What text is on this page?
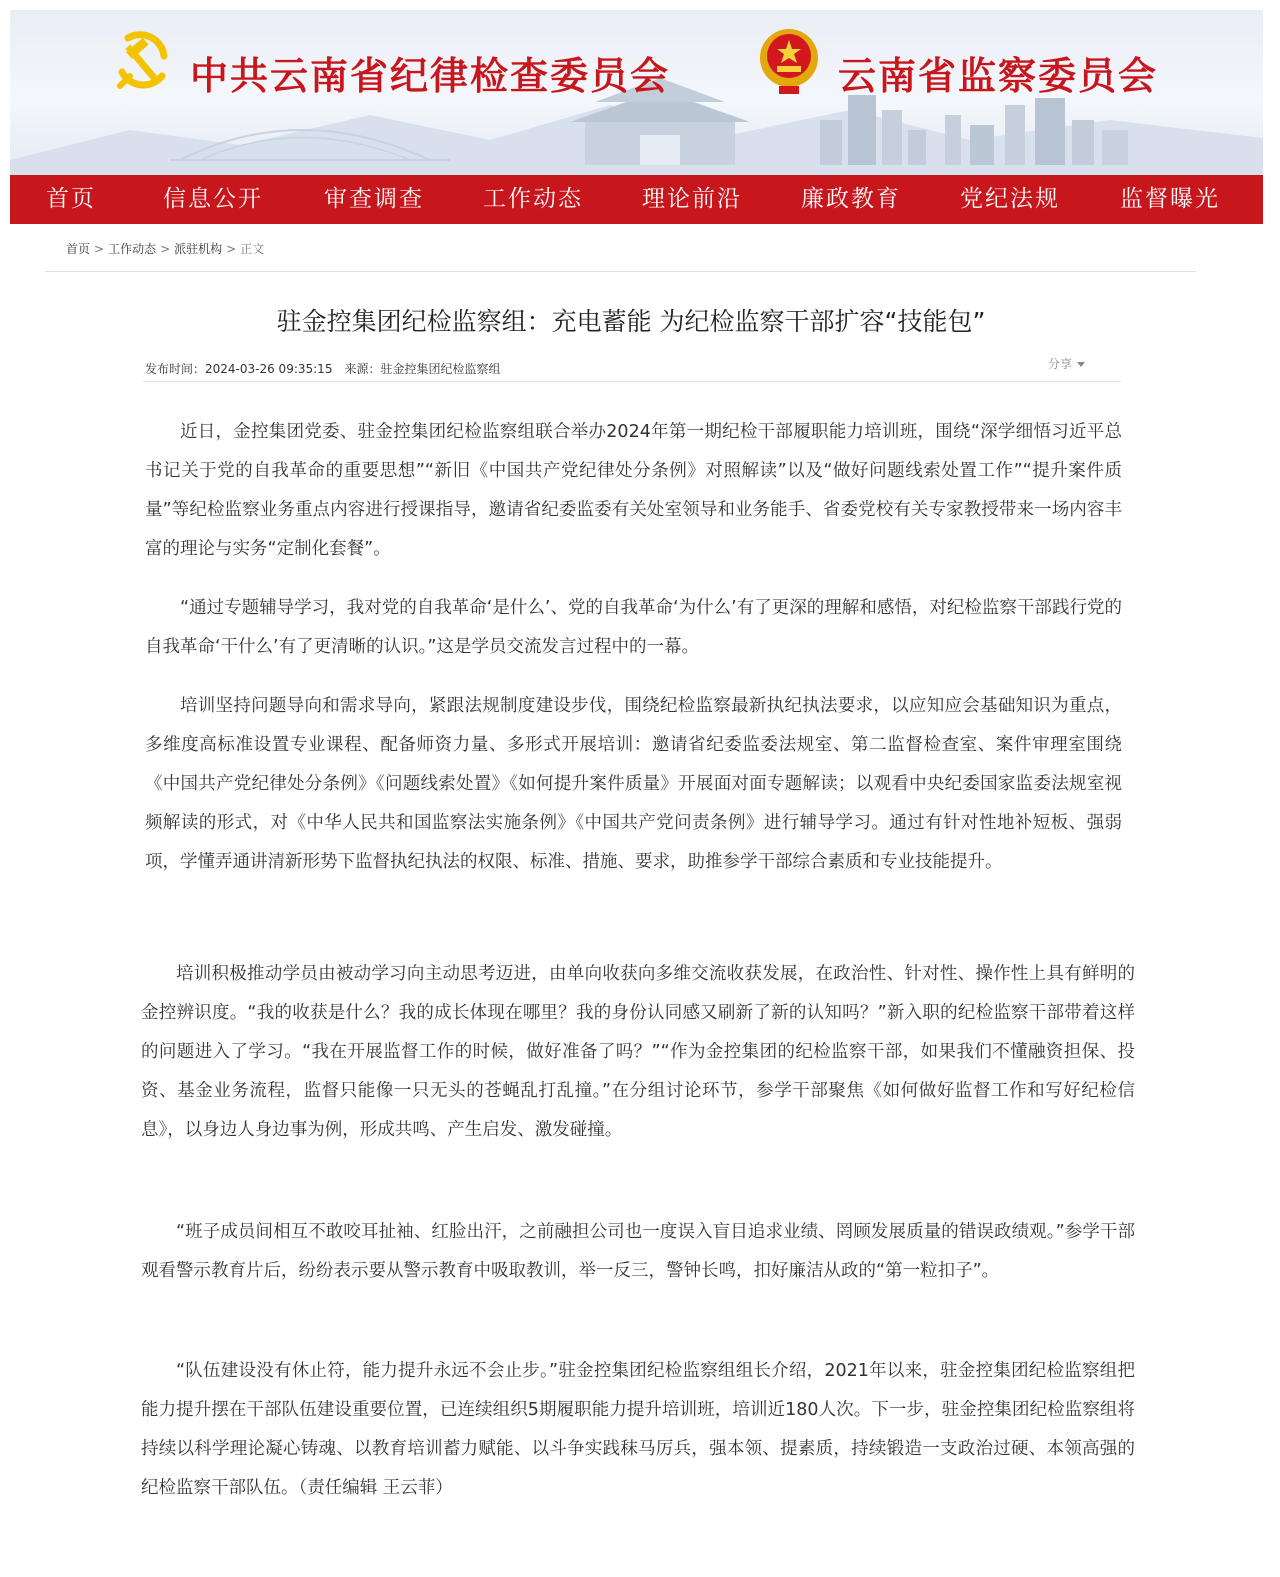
中共云南省纪律检查委员会	云南省监察委员会
首页	信息公开	审查调查	工作动态	理论前沿	廉政教育	党纪法规	监督曝光
首页 > 工作动态 > 派驻机构 > 正文
驻金控集团纪检监察组：充电蓄能 为纪检监察干部扩容“技能包”
发布时间：2024-03-26 09:35:15　来源：驻金控集团纪检监察组	分享

近日，金控集团党委、驻金控集团纪检监察组联合举办2024年第一期纪检干部履职能力培训班，围绕“深学细悟习近平总书记关于党的自我革命的重要思想”“新旧《中国共产党纪律处分条例》对照解读”以及“做好问题线索处置工作”“提升案件质量”等纪检监察业务重点内容进行授课指导，邀请省纪委监委有关处室领导和业务能手、省委党校有关专家教授带来一场内容丰富的理论与实务“定制化套餐”。

“通过专题辅导学习，我对党的自我革命‘是什么’、党的自我革命‘为什么’有了更深的理解和感悟，对纪检监察干部践行党的自我革命‘干什么’有了更清晰的认识。”这是学员交流发言过程中的一幕。

培训坚持问题导向和需求导向，紧跟法规制度建设步伐，围绕纪检监察最新执纪执法要求，以应知应会基础知识为重点，多维度高标准设置专业课程、配备师资力量、多形式开展培训：邀请省纪委监委法规室、第二监督检查室、案件审理室围绕《中国共产党纪律处分条例》《问题线索处置》《如何提升案件质量》开展面对面专题解读；以观看中央纪委国家监委法规室视频解读的形式，对《中华人民共和国监察法实施条例》《中国共产党问责条例》进行辅导学习。通过有针对性地补短板、强弱项，学懂弄通讲清新形势下监督执纪执法的权限、标准、措施、要求，助推参学干部综合素质和专业技能提升。

培训积极推动学员由被动学习向主动思考迈进，由单向收获向多维交流收获发展，在政治性、针对性、操作性上具有鲜明的金控辨识度。“我的收获是什么？我的成长体现在哪里？我的身份认同感又刷新了新的认知吗？”新入职的纪检监察干部带着这样的问题进入了学习。“我在开展监督工作的时候，做好准备了吗？”“作为金控集团的纪检监察干部，如果我们不懂融资担保、投资、基金业务流程，监督只能像一只无头的苍蝇乱打乱撞。”在分组讨论环节，参学干部聚焦《如何做好监督工作和写好纪检信息》，以身边人身边事为例，形成共鸣、产生启发、激发碰撞。

“班子成员间相互不敢咬耳扯袖、红脸出汗，之前融担公司也一度误入盲目追求业绩、罔顾发展质量的错误政绩观。”参学干部观看警示教育片后，纷纷表示要从警示教育中吸取教训，举一反三，警钟长鸣，扣好廉洁从政的“第一粒扣子”。

“队伍建设没有休止符，能力提升永远不会止步。”驻金控集团纪检监察组组长介绍，2021年以来，驻金控集团纪检监察组把能力提升摆在干部队伍建设重要位置，已连续组织5期履职能力提升培训班，培训近180人次。下一步，驻金控集团纪检监察组将持续以科学理论凝心铸魂、以教育培训蓄力赋能、以斗争实践秣马厉兵，强本领、提素质，持续锻造一支政治过硬、本领高强的纪检监察干部队伍。（责任编辑 王云菲）
